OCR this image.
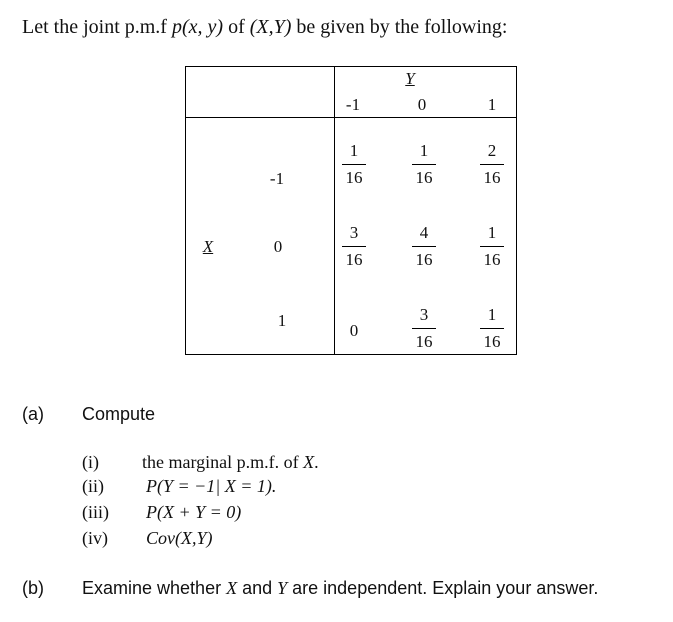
Let the joint p.m.f p(x, y) of (X,Y) be given by the following:
Y
-1	0	1
X
-1
0
1
1
16
1
16
2
16
3
16
4
16
1
16
0
3
16
1
16
(a) Compute
(i) the marginal p.m.f. of X.
(ii) P(Y = −1| X = 1).
(iii) P(X + Y = 0)
(iv) Cov(X,Y)
(b) Examine whether X and Y are independent. Explain your answer.
